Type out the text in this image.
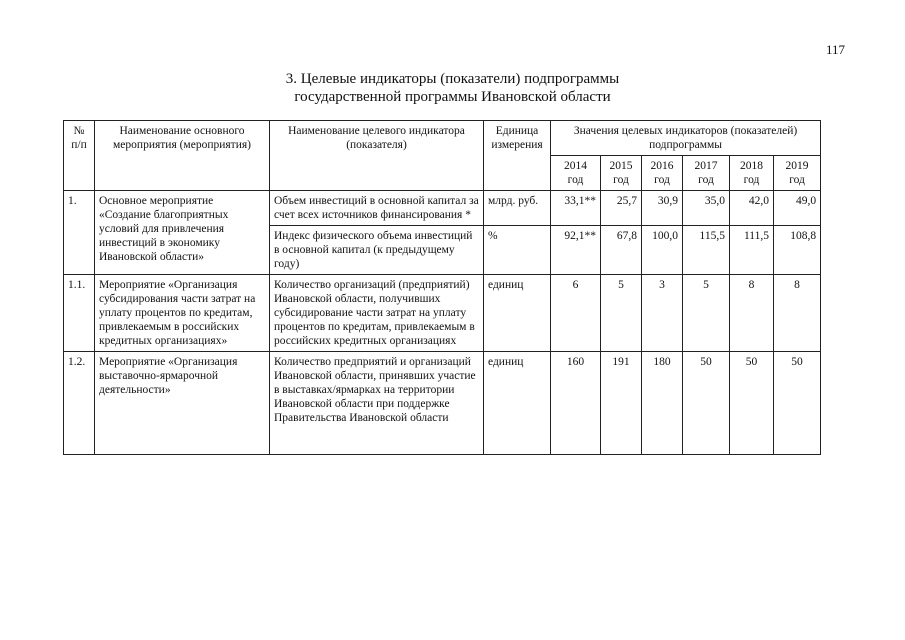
117
3. Целевые индикаторы (показатели) подпрограммы
государственной программы Ивановской области
№ п/п	Наименование основного мероприятия (мероприятия)	Наименование целевого индикатора (показателя)	Единица измерения	Значения целевых индикаторов (показателей) подпрограммы					
				2014 год	2015 год	2016 год	2017 год	2018 год	2019 год
1.	Основное мероприятие «Создание благоприятных условий для привлечения инвестиций в экономику Ивановской области»	Объем инвестиций в основной капитал за счет всех источников финансирования *	млрд. руб.	33,1**	25,7	30,9	35,0	42,0	49,0
		Индекс физического объема инвестиций в основной капитал (к предыдущему году)	%	92,1**	67,8	100,0	115,5	111,5	108,8
1.1.	Мероприятие «Организация субсидирования части затрат на уплату процентов по кредитам, привлекаемым в российских кредитных организациях»	Количество организаций (предприятий) Ивановской области, получивших субсидирование части затрат на уплату процентов по кредитам, привлекаемым в российских кредитных организациях	единиц	6	5	3	5	8	8
1.2.	Мероприятие «Организация выставочно-ярмарочной деятельности»	Количество предприятий и организаций Ивановской области, принявших участие в выставках/ярмарках на территории Ивановской области при поддержке Правительства Ивановской области	единиц	160	191	180	50	50	50
